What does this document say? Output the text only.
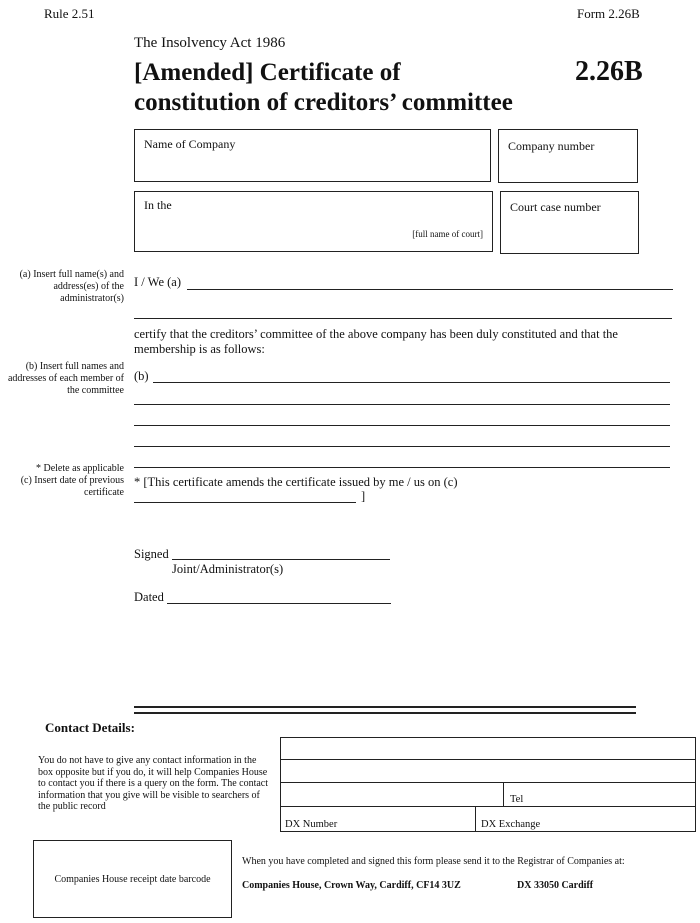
Rule 2.51	Form 2.26B
The Insolvency Act 1986
[Amended] Certificate of
constitution of creditors’ committee
2.26B
Name of Company	Company number
In the
[full name of court]
Court case number
(a) Insert full name(s) and address(es) of the administrator(s)
(b) Insert full names and addresses of each member of the committee
* Delete as applicable
(c) Insert date of previous certificate
I / We (a)
certify that the creditors’ committee of the above company has been duly constituted and that the membership is as follows:
(b)
* [This certificate amends the certificate issued by me / us on (c)
]
Signed
Joint/Administrator(s)
Dated
Contact Details:
You do not have to give any contact information in the box opposite but if you do, it will help Companies House to contact you if there is a query on the form. The contact information that you give will be visible to searchers of the public record
Tel
DX Number	DX Exchange
Companies House receipt date barcode
When you have completed and signed this form please send it to the Registrar of Companies at:
Companies House, Crown Way, Cardiff, CF14 3UZ	DX 33050 Cardiff
